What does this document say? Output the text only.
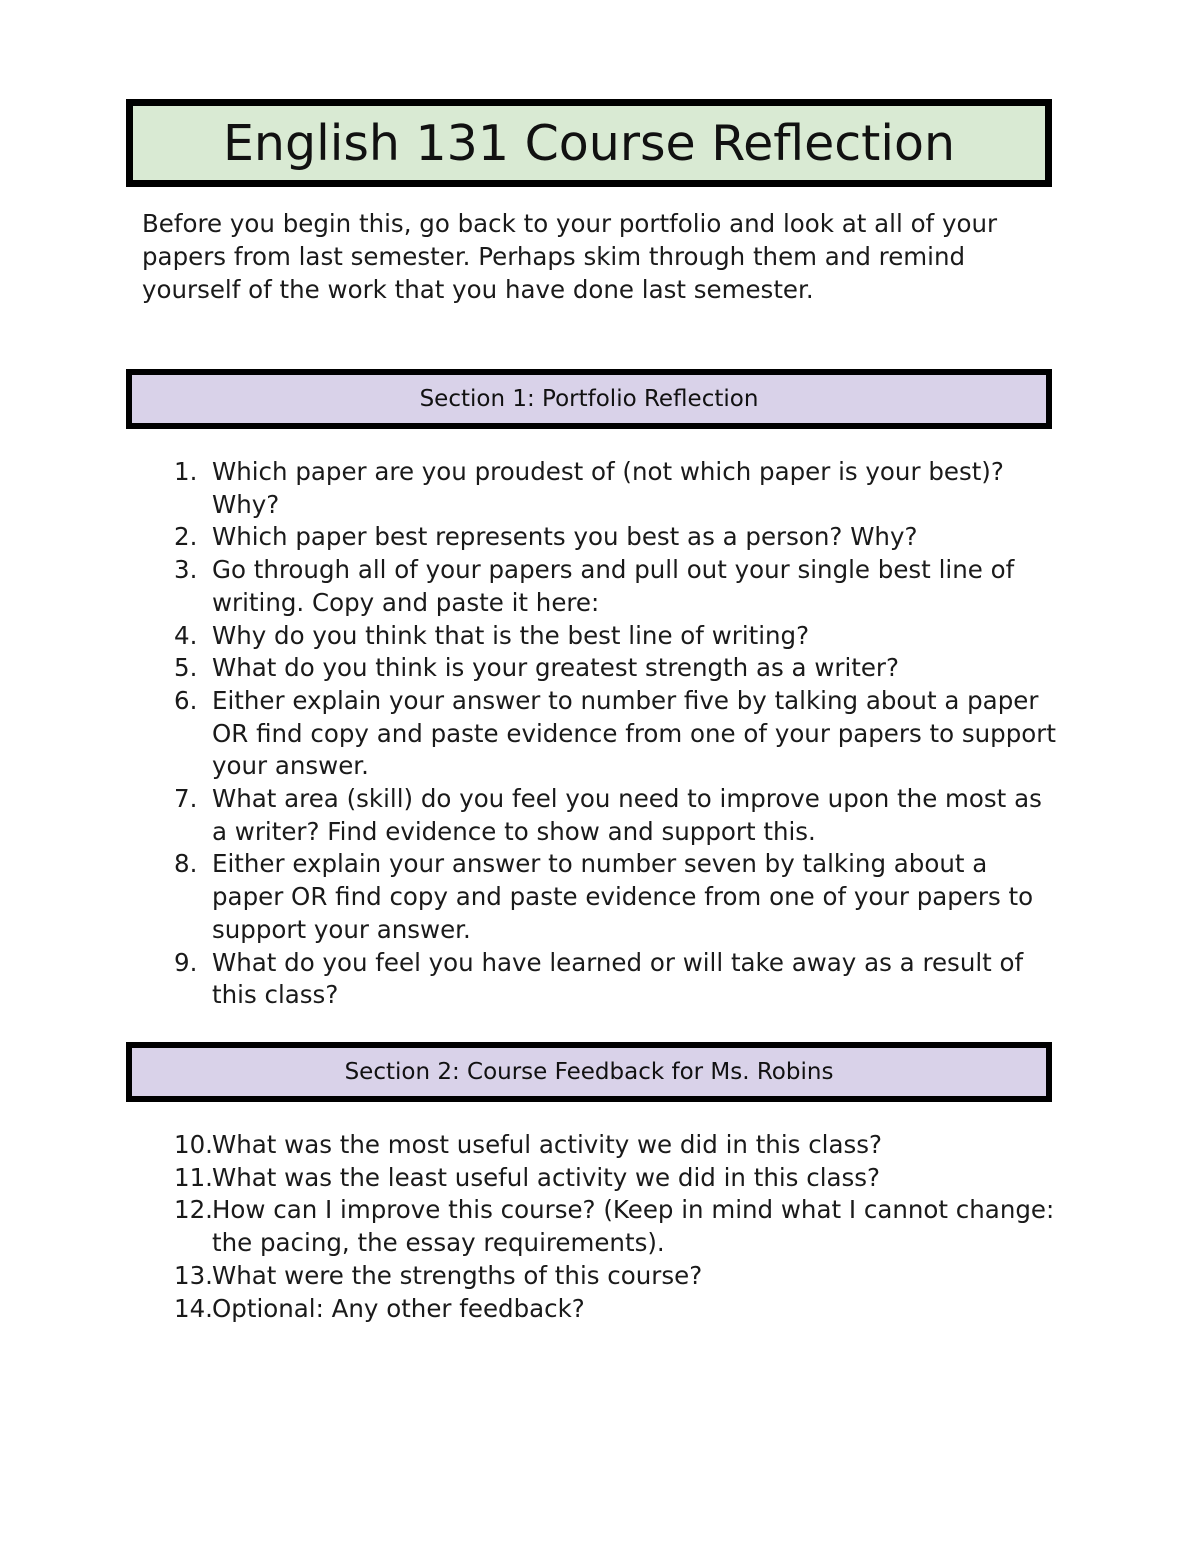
English 131 Course Reflection

Before you begin this, go back to your portfolio and look at all of your papers from last semester. Perhaps skim through them and remind yourself of the work that you have done last semester.

Section 1: Portfolio Reflection
1. Which paper are you proudest of (not which paper is your best)? Why?
2. Which paper best represents you best as a person? Why?
3. Go through all of your papers and pull out your single best line of writing. Copy and paste it here:
4. Why do you think that is the best line of writing?
5. What do you think is your greatest strength as a writer?
6. Either explain your answer to number five by talking about a paper OR find copy and paste evidence from one of your papers to support your answer.
7. What area (skill) do you feel you need to improve upon the most as a writer? Find evidence to show and support this.
8. Either explain your answer to number seven by talking about a paper OR find copy and paste evidence from one of your papers to support your answer.
9. What do you feel you have learned or will take away as a result of this class?
Section 2: Course Feedback for Ms. Robins
10. What was the most useful activity we did in this class?
11. What was the least useful activity we did in this class?
12. How can I improve this course? (Keep in mind what I cannot change: the pacing, the essay requirements).
13. What were the strengths of this course?
14. Optional: Any other feedback?
